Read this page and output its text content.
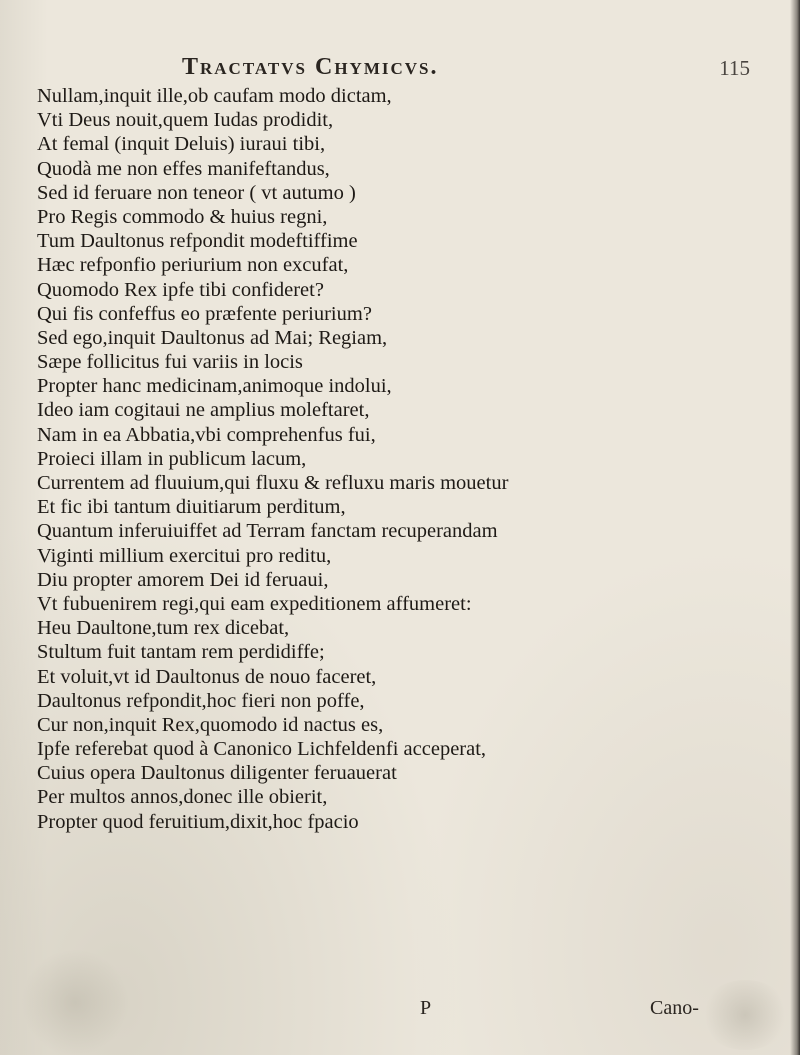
Tractatvs Chymicvs.	115
Nullam,inquit ille,ob caufam modo dictam,
Vti Deus nouit,quem Iudas prodidit,
At femal (inquit Deluis) iuraui tibi,
Quodà me non effes manifeftandus,
Sed id feruare non teneor ( vt autumo )
Pro Regis commodo & huius regni,
Tum Daultonus refpondit modeftiffime
Hæc refponfio periurium non excufat,
Quomodo Rex ipfe tibi confideret?
Qui fis confeffus eo præfente periurium?
Sed ego,inquit Daultonus ad Mai; Regiam,
Sæpe follicitus fui variis in locis
Propter hanc medicinam,animoque indolui,
Ideo iam cogitaui ne amplius moleftaret,
Nam in ea Abbatia,vbi comprehenfus fui,
Proieci illam in publicum lacum,
Currentem ad fluuium,qui fluxu & refluxu maris mouetur
Et fic ibi tantum diuitiarum perditum,
Quantum inferuiuiffet ad Terram fanctam recuperandam
Viginti millium exercitui pro reditu,
Diu propter amorem Dei id feruaui,
Vt fubuenirem regi,qui eam expeditionem affumeret:
Heu Daultone,tum rex dicebat,
Stultum fuit tantam rem perdidiffe;
Et voluit,vt id Daultonus de nouo faceret,
Daultonus refpondit,hoc fieri non poffe,
Cur non,inquit Rex,quomodo id nactus es,
Ipfe referebat quod à Canonico Lichfeldenfi acceperat,
Cuius opera Daultonus diligenter feruauerat
Per multos annos,donec ille obierit,
Propter quod feruitium,dixit,hoc fpacio
P	Cano-
